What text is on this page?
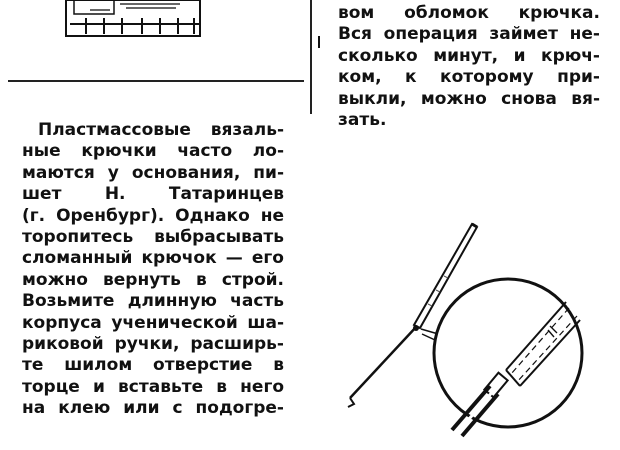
вом обломок крючка.
Вся операция займет не-
сколько минут, и крюч-
ком, к которому при-
выкли, можно снова вя-
зать.
Пластмассовые вязаль-
ные крючки часто ло-
маются у основания, пи-
шет Н. Татаринцев
(г. Оренбург). Однако не
торопитесь выбрасывать
сломанный крючок — его
можно вернуть в строй.
Возьмите длинную часть
корпуса ученической ша-
риковой ручки, расширь-
те шилом отверстие в
торце и вставьте в него
на клею или с подогре-
